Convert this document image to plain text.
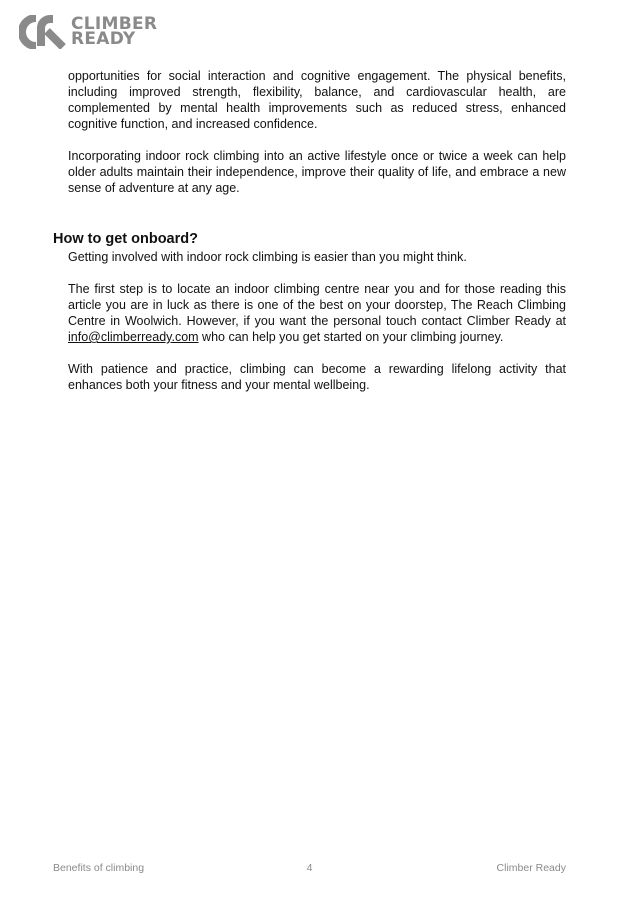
CLIMBER
READY

opportunities for social interaction and cognitive engagement. The physical benefits, including improved strength, flexibility, balance, and cardiovascular health, are complemented by mental health improvements such as reduced stress, enhanced cognitive function, and increased confidence.

Incorporating indoor rock climbing into an active lifestyle once or twice a week can help older adults maintain their independence, improve their quality of life, and embrace a new sense of adventure at any age.

How to get onboard?

Getting involved with indoor rock climbing is easier than you might think.

The first step is to locate an indoor climbing centre near you and for those reading this article you are in luck as there is one of the best on your doorstep, The Reach Climbing Centre in Woolwich. However, if you want the personal touch contact Climber Ready at info@climberready.com who can help you get started on your climbing journey.

With patience and practice, climbing can become a rewarding lifelong activity that enhances both your fitness and your mental wellbeing.

Benefits of climbing	4	Climber Ready
